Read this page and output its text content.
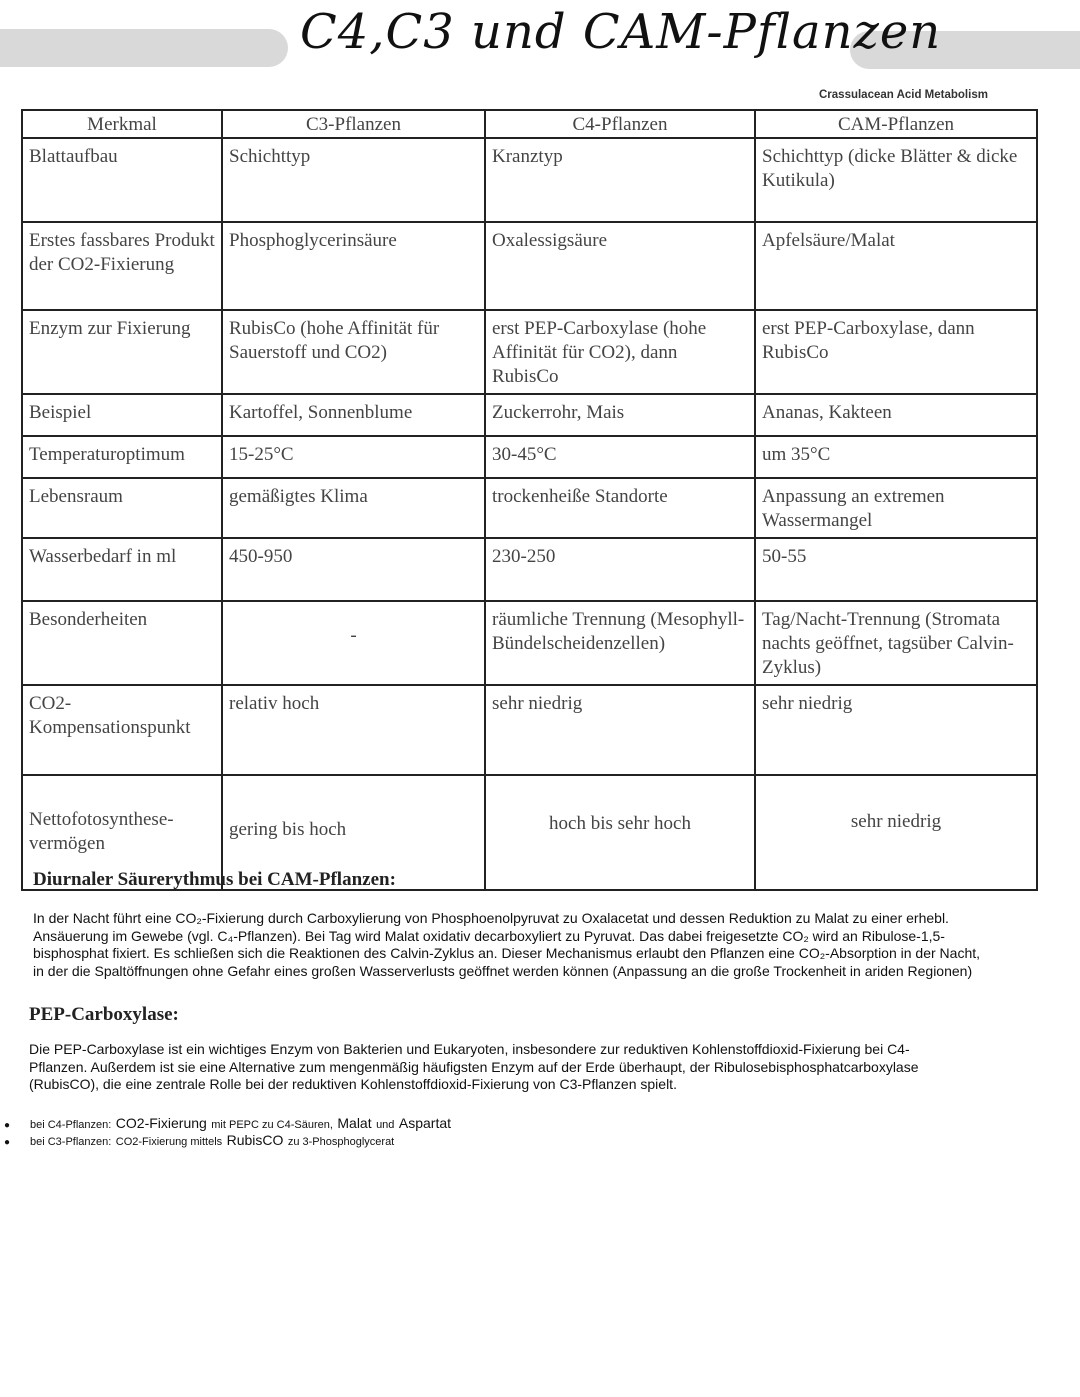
C4,C3 und CAM-Pflanzen
Crassulacean Acid Metabolism
Merkmal	C3-Pflanzen	C4-Pflanzen	CAM-Pflanzen
Blattaufbau	Schichttyp	Kranztyp	Schichttyp (dicke Blätter & dicke Kutikula)
Erstes fassbares Produkt der CO2-Fixierung	Phosphoglycerinsäure	Oxalessigsäure	Apfelsäure/Malat
Enzym zur Fixierung	RubisCo (hohe Affinität für Sauerstoff und CO2)	erst PEP-Carboxylase (hohe Affinität für CO2), dann RubisCo	erst PEP-Carboxylase, dann RubisCo
Beispiel	Kartoffel, Sonnenblume	Zuckerrohr, Mais	Ananas, Kakteen
Temperaturoptimum	15-25°C	30-45°C	um 35°C
Lebensraum	gemäßigtes Klima	trockenheiße Standorte	Anpassung an extremen Wassermangel
Wasserbedarf in ml	450-950	230-250	50-55
Besonderheiten	-	räumliche Trennung (Mesophyll-Bündelscheidenzellen)	Tag/Nacht-Trennung (Stromata nachts geöffnet, tagsüber Calvin-Zyklus)
CO2-Kompensationspunkt	relativ hoch	sehr niedrig	sehr niedrig
Nettofotosynthese-vermögen	gering bis hoch	hoch bis sehr hoch	sehr niedrig
Diurnaler Säurerythmus bei CAM-Pflanzen:
In der Nacht führt eine CO₂-Fixierung durch Carboxylierung von Phosphoenolpyruvat zu Oxalacetat und dessen Reduktion zu Malat zu einer erhebl. Ansäuerung im Gewebe (vgl. C₄-Pflanzen). Bei Tag wird Malat oxidativ decarboxyliert zu Pyruvat. Das dabei freigesetzte CO₂ wird an Ribulose-1,5-bisphosphat fixiert. Es schließen sich die Reaktionen des Calvin-Zyklus an. Dieser Mechanismus erlaubt den Pflanzen eine CO₂-Absorption in der Nacht, in der die Spaltöffnungen ohne Gefahr eines großen Wasserverlusts geöffnet werden können (Anpassung an die große Trockenheit in ariden Regionen)
PEP-Carboxylase:
Die PEP-Carboxylase ist ein wichtiges Enzym von Bakterien und Eukaryoten, insbesondere zur reduktiven Kohlenstoffdioxid-Fixierung bei C4-Pflanzen. Außerdem ist sie eine Alternative zum mengenmäßig häufigsten Enzym auf der Erde überhaupt, der Ribulosebisphosphatcarboxylase (RubisCO), die eine zentrale Rolle bei der reduktiven Kohlenstoffdioxid-Fixierung von C3-Pflanzen spielt.
●	bei C4-Pflanzen:
CO2-Fixierung
mit PEPC zu C4-Säuren,
Malat
und
Aspartat
●	bei C3-Pflanzen:
CO2-Fixierung mittels
RubisCO
zu 3-Phosphoglycerat
